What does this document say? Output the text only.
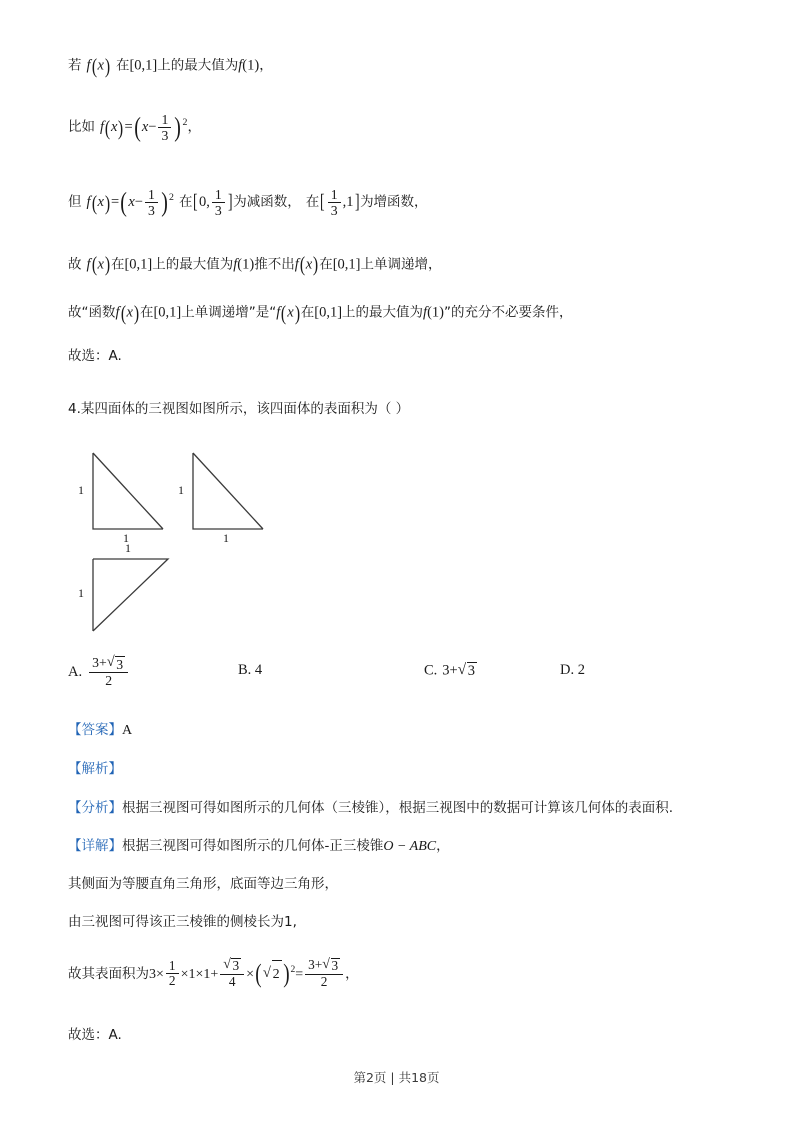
若 f(x) 在[0,1]上的最大值为f(1)，
比如 $f(x)=(x- \frac{1}{3} )^2$，
但 $f(x)=(x- \frac{1}{3} )^2$ 在[0, $\frac{1}{3}$ ]为减函数， 在[ $\frac{1}{3} ,1$]为增函数，
故 f(x)在[0,1]上的最大值为f(1)推不出f(x)在[0,1]上单调递增，
故“函数f(x)在[0,1]上单调递增”是“f(x)在[0,1]上的最大值为f(1)”的充分不必要条件，
故选：A.
4.某四面体的三视图如图所示，该四面体的表面积为（ ）
1
1
1
1
1
1
A. $\frac{3+ √ 3}{2}$	B. 4	C. 3+ √ 3	D. 2
【答案】A
【解析】
【分析】根据三视图可得如图所示的几何体（三棱锥），根据三视图中的数据可计算该几何体的表面积.
【详解】根据三视图可得如图所示的几何体-正三棱锥O − ABC，
其侧面为等腰直角三角形，底面等边三角形，
由三视图可得该正三棱锥的侧棱长为1,
故其表面积为$3\times \frac{1}{2} \times 1\times 1+$ √ $\frac{3}{4}$ ×( √ 2 )$^2= \frac{3+ √ 3}{2}$ ，
故选：A.
第2页 | 共18页
